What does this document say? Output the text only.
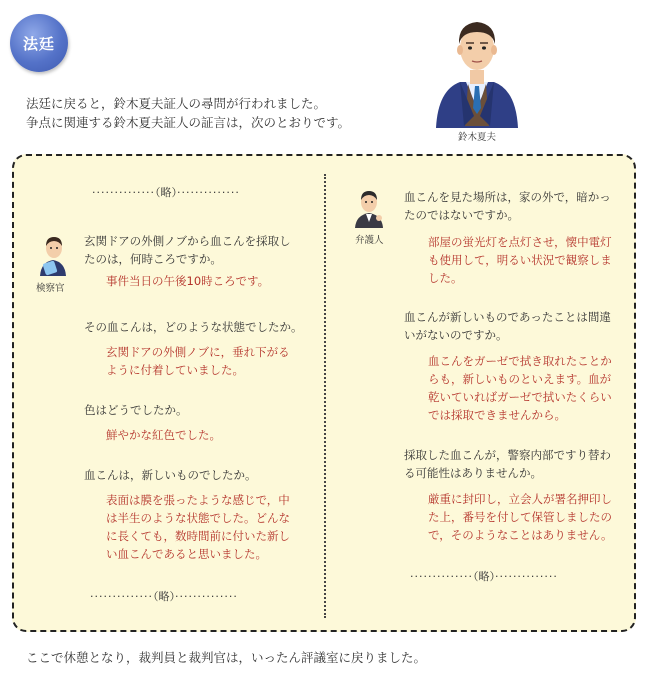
法廷
法廷に戻ると，鈴木夏夫証人の尋問が行われました。
争点に関連する鈴木夏夫証人の証言は，次のとおりです。
鈴木夏夫
··············（略）··············
検察官
玄関ドアの外側ノブから血こんを採取し
たのは，何時ころですか。
事件当日の午後10時ころです。
その血こんは，どのような状態でしたか。
玄関ドアの外側ノブに，垂れ下がる
ように付着していました。
色はどうでしたか。
鮮やかな紅色でした。
血こんは，新しいものでしたか。
表面は膜を張ったような感じで，中
は半生のような状態でした。どんな
に長くても，数時間前に付いた新し
い血こんであると思いました。
··············（略）··············
弁護人
血こんを見た場所は，家の外で，暗かっ
たのではないですか。
部屋の蛍光灯を点灯させ，懐中電灯
も使用して，明るい状況で観察しま
した。
血こんが新しいものであったことは間違
いがないのですか。
血こんをガーゼで拭き取れたことか
らも，新しいものといえます。血が
乾いていればガーゼで拭いたくらい
では採取できませんから。
採取した血こんが，警察内部ですり替わ
る可能性はありませんか。
厳重に封印し，立会人が署名押印し
た上，番号を付して保管しましたの
で，そのようなことはありません。
··············（略）··············
ここで休憩となり，裁判員と裁判官は，いったん評議室に戻りました。
